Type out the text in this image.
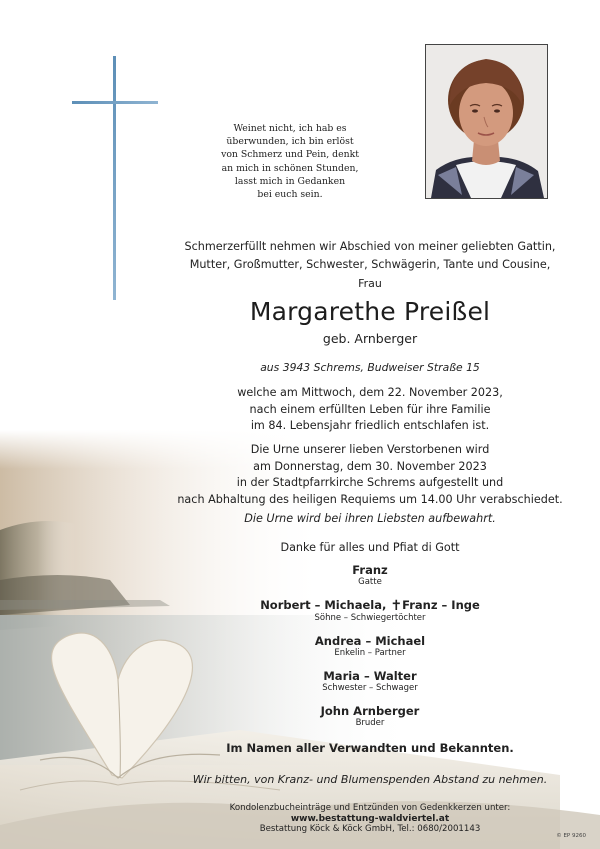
Weinet nicht, ich hab es
überwunden, ich bin erlöst
von Schmerz und Pein, denkt
an mich in schönen Stunden,
lasst mich in Gedanken
bei euch sein.
Schmerzerfüllt nehmen wir Abschied von meiner geliebten Gattin,
Mutter, Großmutter, Schwester, Schwägerin, Tante und Cousine,
Frau
Margarethe Preißel
geb. Arnberger
aus 3943 Schrems, Budweiser Straße 15
welche am Mittwoch, dem 22. November 2023,
nach einem erfüllten Leben für ihre Familie
im 84. Lebensjahr friedlich entschlafen ist.
Die Urne unserer lieben Verstorbenen wird
am Donnerstag, dem 30. November 2023
in der Stadtpfarrkirche Schrems aufgestellt und
nach Abhaltung des heiligen Requiems um 14.00 Uhr verabschiedet.
Die Urne wird bei ihren Liebsten aufbewahrt.
Danke für alles und Pfiat di Gott
Franz
Gatte
Norbert – Michaela, ✝Franz – Inge
Söhne – Schwiegertöchter
Andrea – Michael
Enkelin – Partner
Maria – Walter
Schwester – Schwager
John Arnberger
Bruder
Im Namen aller Verwandten und Bekannten.
Wir bitten, von Kranz- und Blumenspenden Abstand zu nehmen.
Kondolenzbucheinträge und Entzünden von Gedenkkerzen unter:
www.bestattung-waldviertel.at
Bestattung Köck & Köck GmbH, Tel.: 0680/2001143
© EP 9260
